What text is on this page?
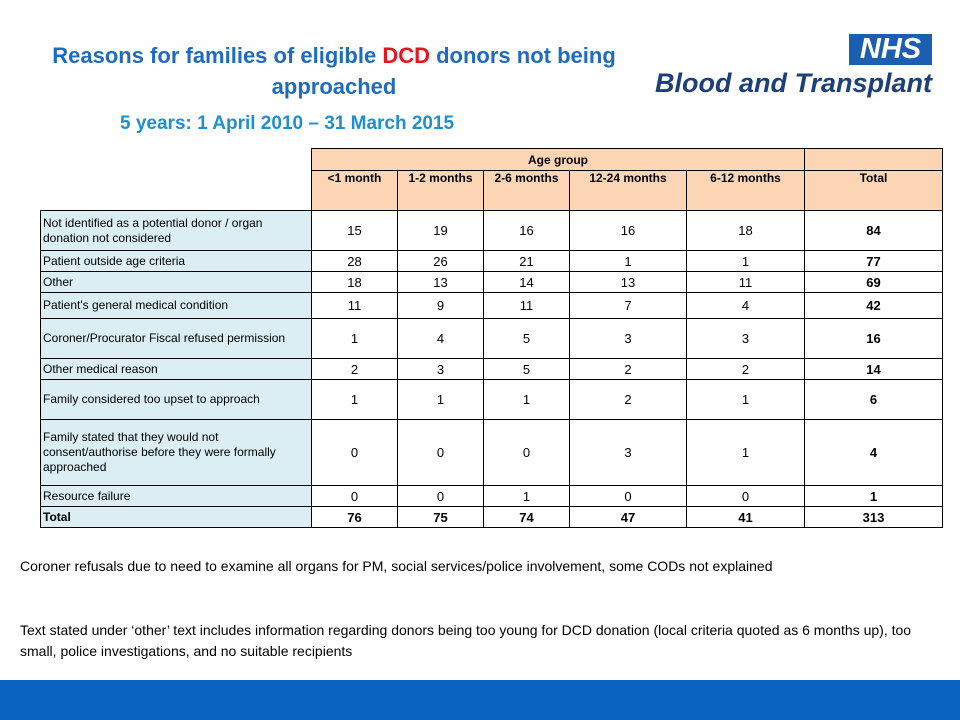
Reasons for families of eligible DCD donors not being approached
5 years: 1 April 2010 – 31 March 2015
NHS
Blood and Transplant
	Age group					
	<1 month	1-2 months	2-6 months	12-24 months	6-12 months	Total
Not identified as a potential donor / organ donation not considered	15	19	16	16	18	84
Patient outside age criteria	28	26	21	1	1	77
Other	18	13	14	13	11	69
Patient's general medical condition	11	9	11	7	4	42
Coroner/Procurator Fiscal refused permission	1	4	5	3	3	16
Other medical reason	2	3	5	2	2	14
Family considered too upset to approach	1	1	1	2	1	6
Family stated that they would not consent/authorise before they were formally approached	0	0	0	3	1	4
Resource failure	0	0	1	0	0	1
Total	76	75	74	47	41	313
Coroner refusals due to need to examine all organs for PM, social services/police involvement, some CODs not explained
Text stated under ‘other’ text includes information regarding donors being too young for DCD donation (local criteria quoted as 6 months up), too small, police investigations, and no suitable recipients
